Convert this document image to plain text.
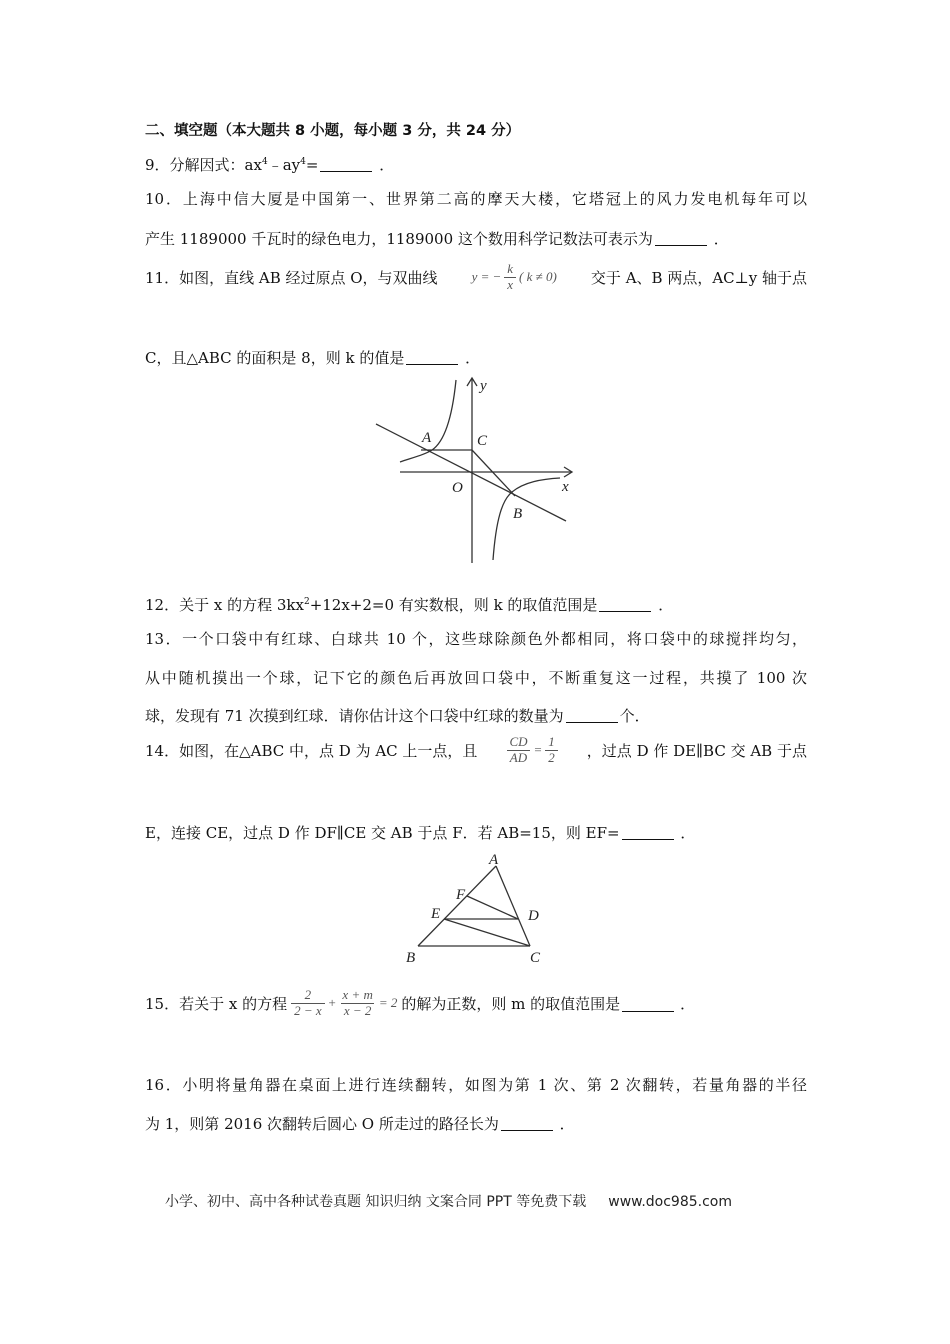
二、填空题（本大题共 8 小题，每小题 3 分，共 24 分）
9．分解因式：$ax^4﹣ay^4=$	．
10．上海中信大厦是中国第一、世界第二高的摩天大楼，它塔冠上的风力发电机每年可以
产生 1189000 千瓦时的绿色电力，1189000 这个数用科学记数法可表示为	．
11．如图，直线 AB 经过原点 O，与双曲线	y = − $\frac{k}{x}$ ( k ≠ 0) 交于 A、B 两点，AC⊥y 轴于点
C，且△ABC 的面积是 8，则 k 的值是	．
y
x
A	C
O
B
12．关于 x 的方程 $3kx^2+12x+2=0$ 有实数根，则 k 的取值范围是	．
13．一个口袋中有红球、白球共 10 个，这些球除颜色外都相同，将口袋中的球搅拌均匀，
从中随机摸出一个球，记下它的颜色后再放回口袋中，不断重复这一过程，共摸了 100 次
球，发现有 71 次摸到红球．请你估计这个口袋中红球的数量为	个．
14．如图，在△ABC 中，点 D 为 AC 上一点，且 $\frac{CD}{AD} = \frac{1}{2}$ ，过点 D 作 DE∥BC 交 AB 于点
E，连接 CE，过点 D 作 DF∥CE 交 AB 于点 F．若 AB=15，则 EF=	．
A
F
E	D
B	C
15．若关于 x 的方程 $\frac{2}{2 - x} + \frac{x + m}{x - 2} = 2$ 的解为正数，则 m 的取值范围是	．
16．小明将量角器在桌面上进行连续翻转，如图为第 1 次、第 2 次翻转，若量角器的半径
为 1，则第 2016 次翻转后圆心 O 所走过的路径长为	．
小学、初中、高中各种试卷真题 知识归纳 文案合同 PPT 等免费下载 www.doc985.com
